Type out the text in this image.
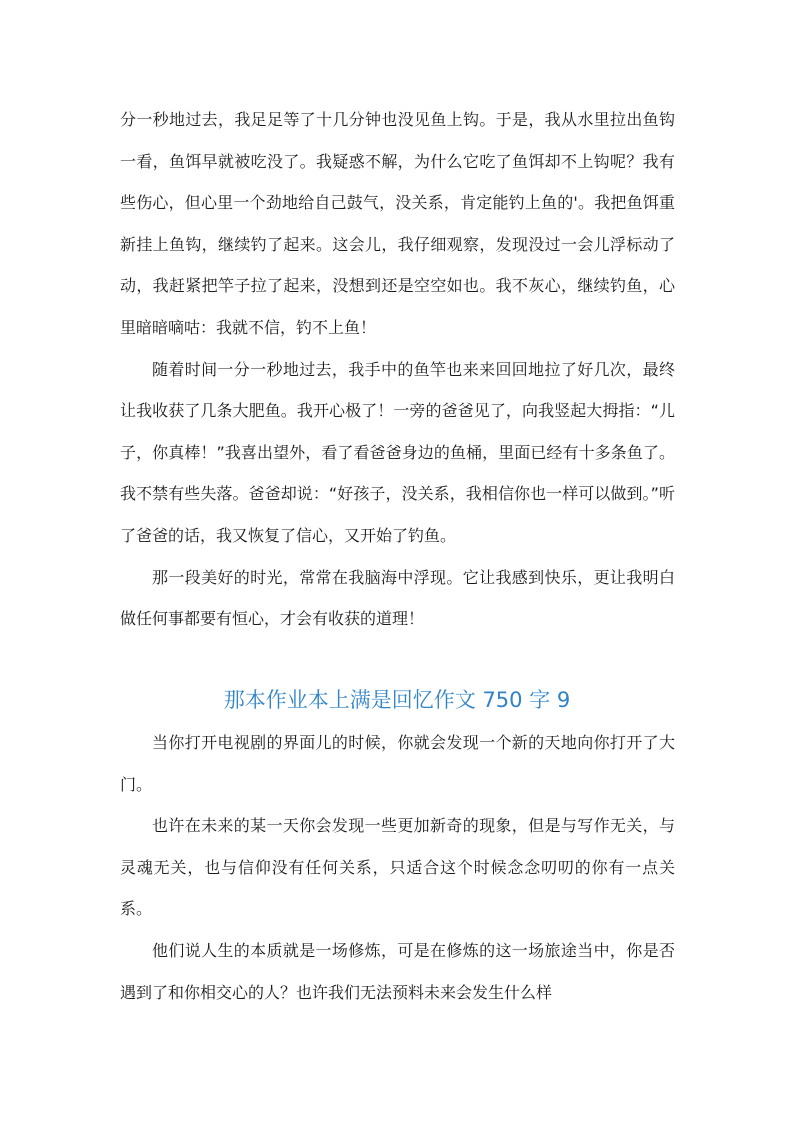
分一秒地过去，我足足等了十几分钟也没见鱼上钩。于是，我从水里拉出鱼钩一看，鱼饵早就被吃没了。我疑惑不解，为什么它吃了鱼饵却不上钩呢？我有些伤心，但心里一个劲地给自己鼓气，没关系，肯定能钓上鱼的'。我把鱼饵重新挂上鱼钩，继续钓了起来。这会儿，我仔细观察，发现没过一会儿浮标动了动，我赶紧把竿子拉了起来，没想到还是空空如也。我不灰心，继续钓鱼，心里暗暗嘀咕：我就不信，钓不上鱼！

随着时间一分一秒地过去，我手中的鱼竿也来来回回地拉了好几次，最终让我收获了几条大肥鱼。我开心极了！一旁的爸爸见了，向我竖起大拇指：“儿子，你真棒！”我喜出望外，看了看爸爸身边的鱼桶，里面已经有十多条鱼了。我不禁有些失落。爸爸却说：“好孩子，没关系，我相信你也一样可以做到。”听了爸爸的话，我又恢复了信心，又开始了钓鱼。

那一段美好的时光，常常在我脑海中浮现。它让我感到快乐，更让我明白做任何事都要有恒心，才会有收获的道理！

那本作业本上满是回忆作文 750 字 9

当你打开电视剧的界面儿的时候，你就会发现一个新的天地向你打开了大门。

也许在未来的某一天你会发现一些更加新奇的现象，但是与写作无关，与灵魂无关，也与信仰没有任何关系，只适合这个时候念念叨叨的你有一点关系。

他们说人生的本质就是一场修炼，可是在修炼的这一场旅途当中，你是否遇到了和你相交心的人？也许我们无法预料未来会发生什么样
